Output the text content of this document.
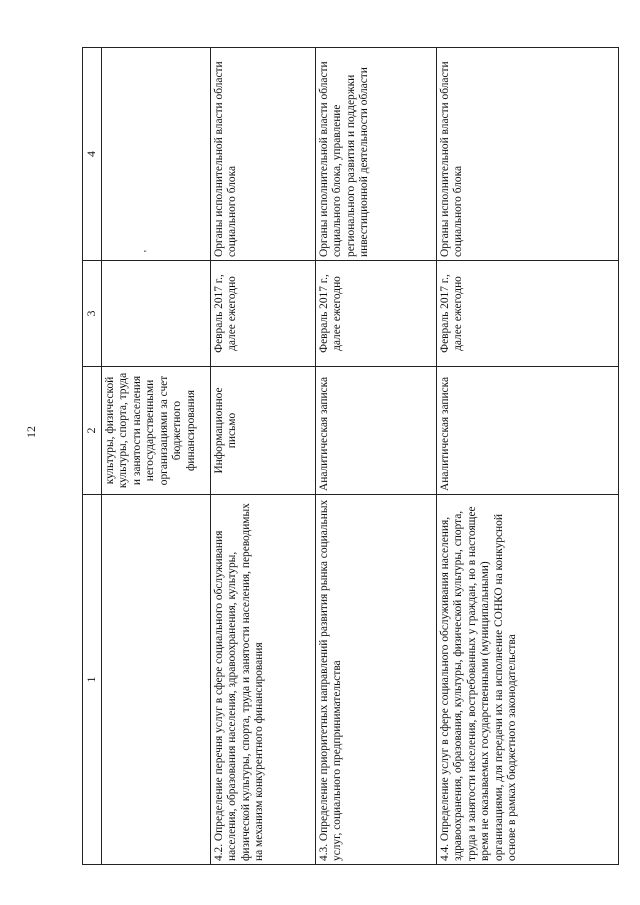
12
1	2	3	4
	культуры, физической культуры, спорта, труда и занятости населения негосударственными организациями за счет бюджетного финансирования		'

4.2. Определение перечня услуг в сфере социального обслуживания населения, образования населения, здравоохранения, культуры, физической культуры, спорта, труда и занятости населения, переводимых на механизм конкурентного финансирования	Информационное письмо	Февраль 2017 г., далее ежегодно	Органы исполнительной власти области социального блока
4.3. Определение приоритетных направлений развития рынка социальных услуг, социального предпринимательства	Аналитическая записка	Февраль 2017 г., далее ежегодно	Органы исполнительной власти области социального блока, управление регионального развития и поддержки инвестиционной деятельности области
4.4. Определение услуг в сфере социального обслуживания населения, здравоохранения, образования, культуры, физической культуры, спорта, труда и занятости населения, востребованных у граждан, но в настоящее время не оказываемых государственными (муниципальными) организациями, для передачи их на исполнение СОНКО на конкурсной основе в рамках бюджетного законодательства	Аналитическая записка	Февраль 2017 г., далее ежегодно	Органы исполнительной власти области социального блока
